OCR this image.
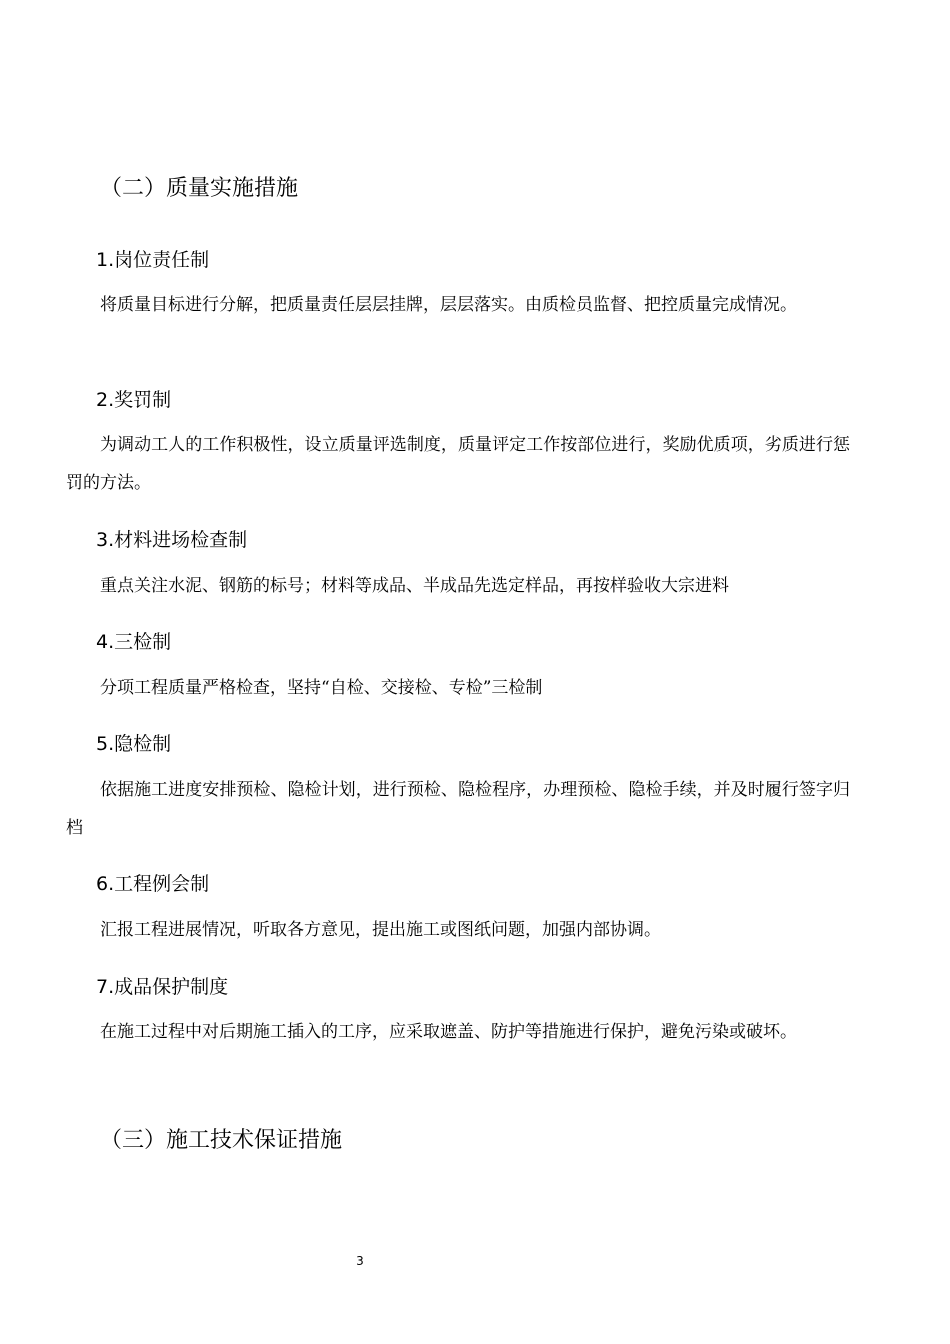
（二）质量实施措施
1.岗位责任制
将质量目标进行分解，把质量责任层层挂牌，层层落实。由质检员监督、把控质量完成情况。
2.奖罚制
为调动工人的工作积极性，设立质量评选制度，质量评定工作按部位进行，奖励优质项，劣质进行惩罚的方法。
3.材料进场检查制
重点关注水泥、钢筋的标号；材料等成品、半成品先选定样品，再按样验收大宗进料
4.三检制
分项工程质量严格检查，坚持“自检、交接检、专检”三检制
5.隐检制
依据施工进度安排预检、隐检计划，进行预检、隐检程序，办理预检、隐检手续，并及时履行签字归档
6.工程例会制
汇报工程进展情况，听取各方意见，提出施工或图纸问题，加强内部协调。
7.成品保护制度
在施工过程中对后期施工插入的工序，应采取遮盖、防护等措施进行保护，避免污染或破坏。
（三）施工技术保证措施
3
